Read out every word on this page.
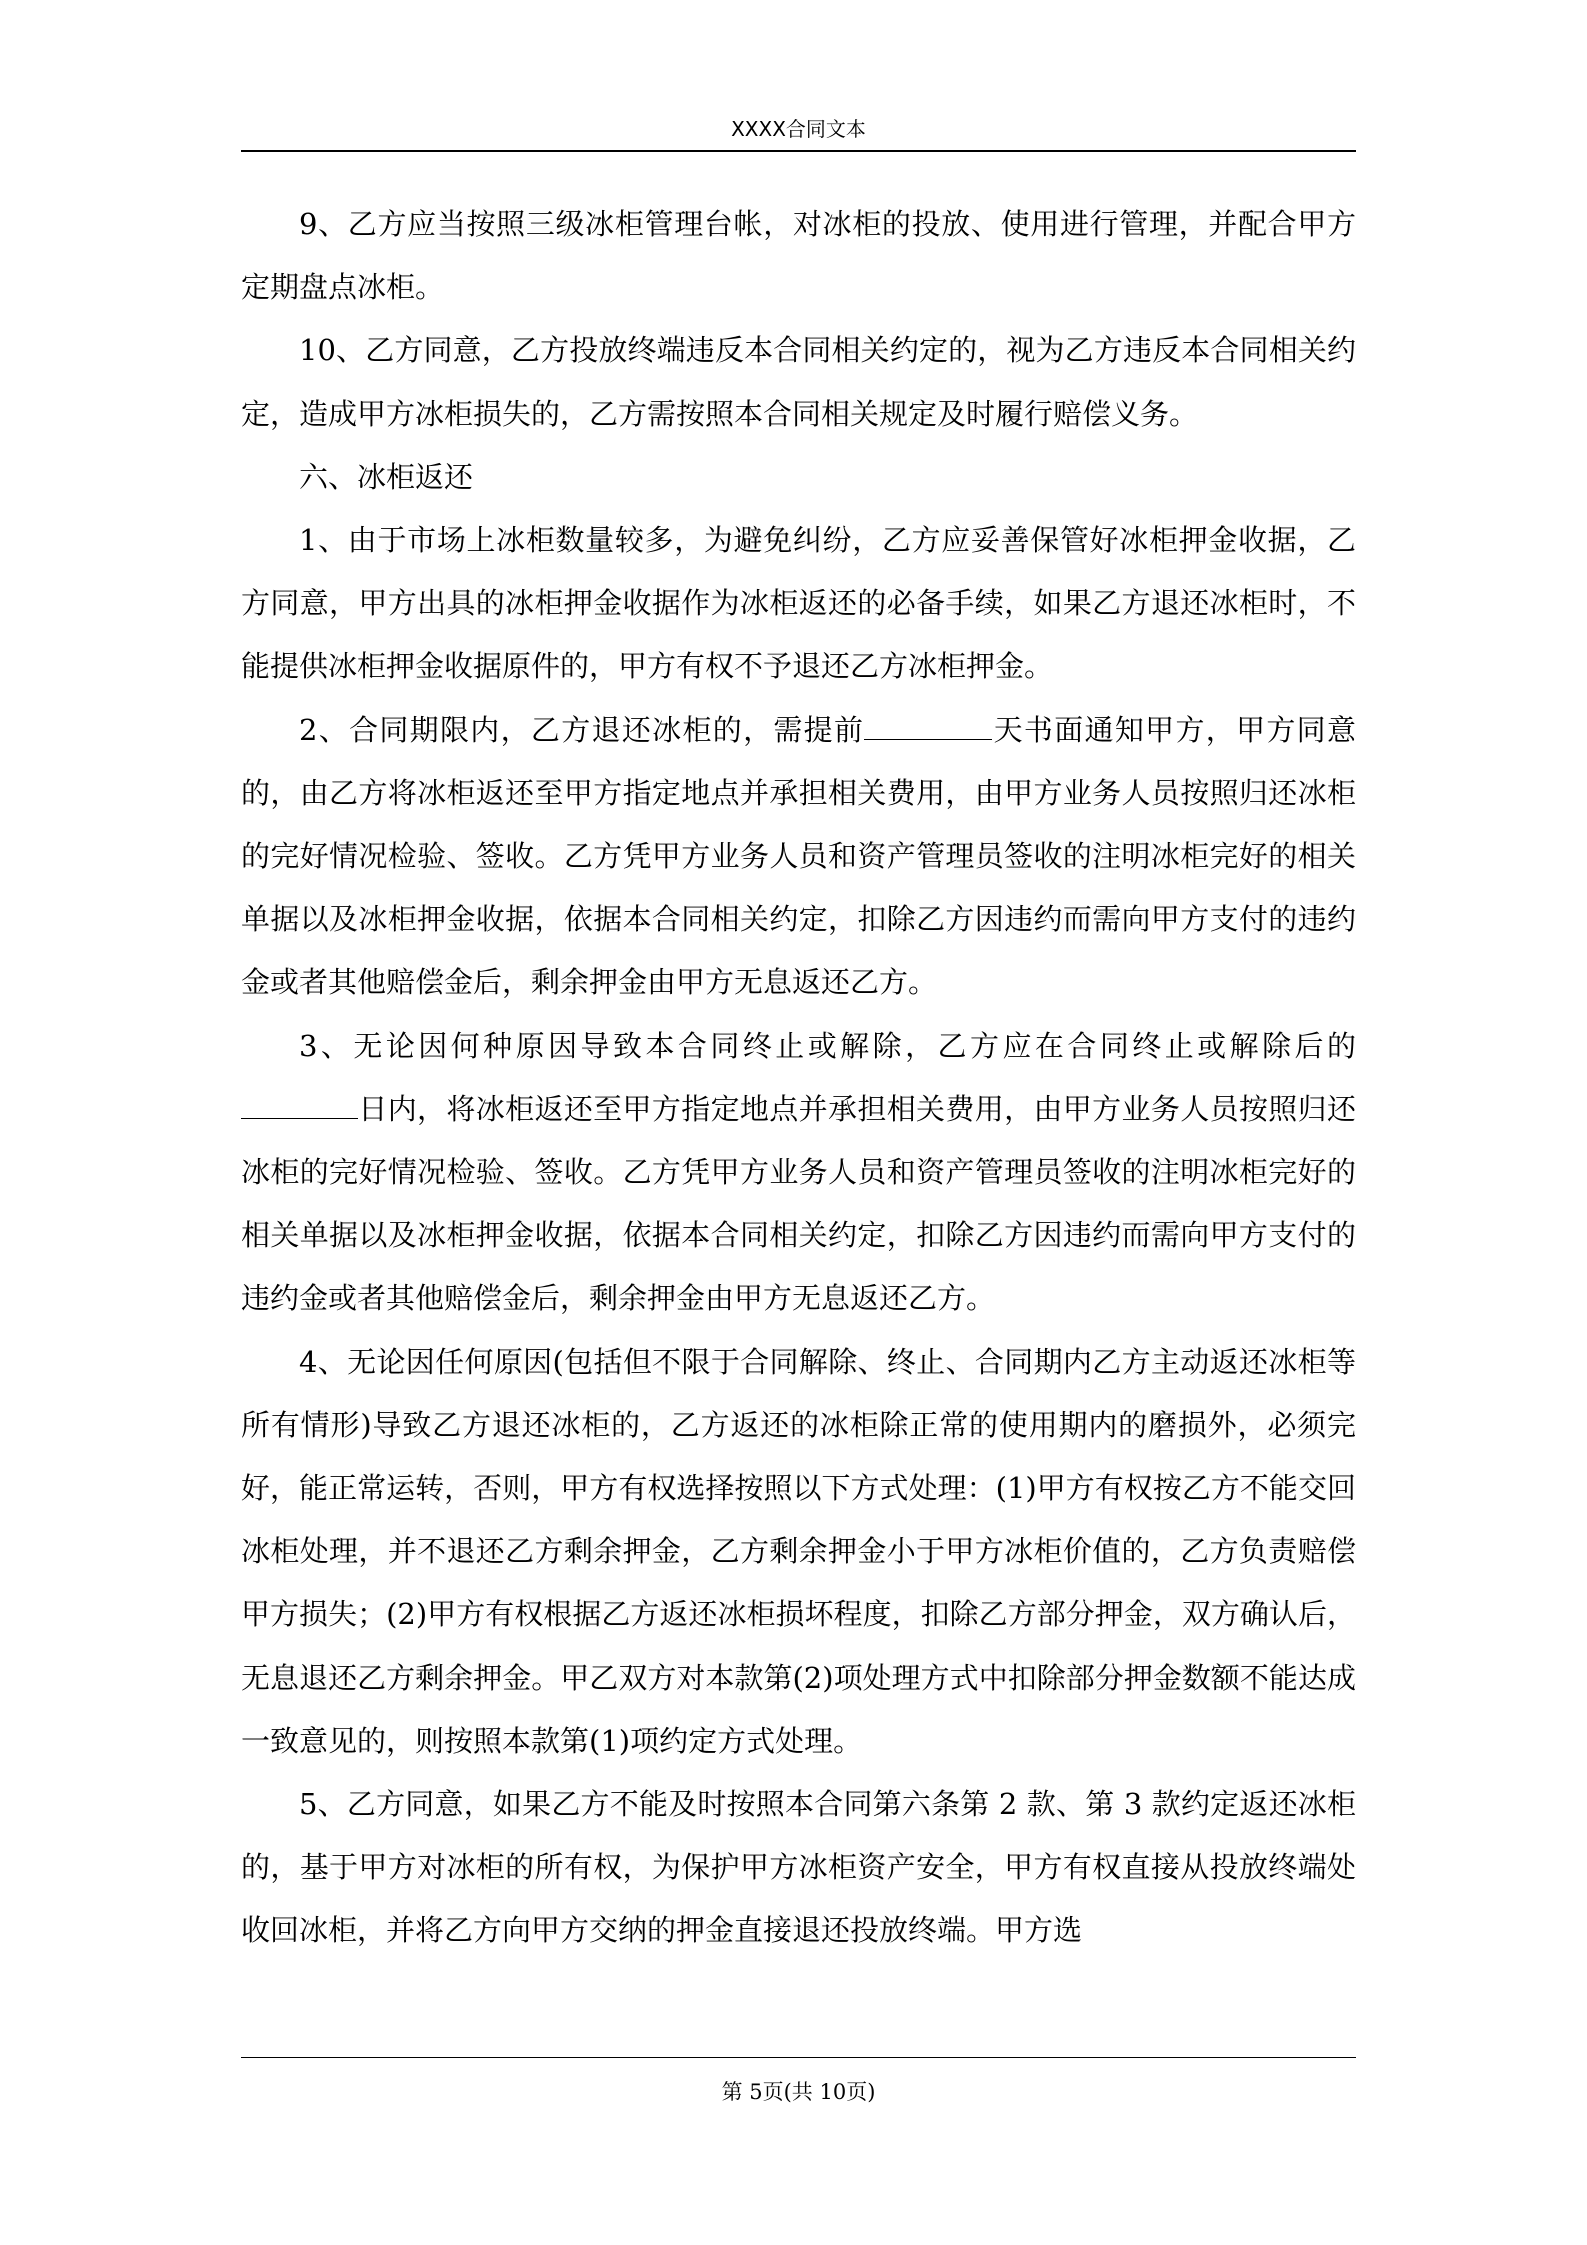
XXXX合同文本

9、乙方应当按照三级冰柜管理台帐，对冰柜的投放、使用进行管理，并配合甲方定期盘点冰柜。

10、乙方同意，乙方投放终端违反本合同相关约定的，视为乙方违反本合同相关约定，造成甲方冰柜损失的，乙方需按照本合同相关规定及时履行赔偿义务。

六、冰柜返还

1、由于市场上冰柜数量较多，为避免纠纷，乙方应妥善保管好冰柜押金收据，乙方同意，甲方出具的冰柜押金收据作为冰柜返还的必备手续，如果乙方退还冰柜时，不能提供冰柜押金收据原件的，甲方有权不予退还乙方冰柜押金。

2、合同期限内，乙方退还冰柜的，需提前	天书面通知甲方，甲方同意的，由乙方将冰柜返还至甲方指定地点并承担相关费用，由甲方业务人员按照归还冰柜的完好情况检验、签收。乙方凭甲方业务人员和资产管理员签收的注明冰柜完好的相关单据以及冰柜押金收据，依据本合同相关约定，扣除乙方因违约而需向甲方支付的违约金或者其他赔偿金后，剩余押金由甲方无息返还乙方。

3、无论因何种原因导致本合同终止或解除，乙方应在合同终止或解除后的日内，将冰柜返还至甲方指定地点并承担相关费用，由甲方业务人员按照归还冰柜的完好情况检验、签收。乙方凭甲方业务人员和资产管理员签收的注明冰柜完好的相关单据以及冰柜押金收据，依据本合同相关约定，扣除乙方因违约而需向甲方支付的违约金或者其他赔偿金后，剩余押金由甲方无息返还乙方。

4、无论因任何原因(包括但不限于合同解除、终止、合同期内乙方主动返还冰柜等所有情形)导致乙方退还冰柜的，乙方返还的冰柜除正常的使用期内的磨损外，必须完好，能正常运转，否则，甲方有权选择按照以下方式处理：(1)甲方有权按乙方不能交回冰柜处理，并不退还乙方剩余押金，乙方剩余押金小于甲方冰柜价值的，乙方负责赔偿甲方损失；(2)甲方有权根据乙方返还冰柜损坏程度，扣除乙方部分押金，双方确认后，无息退还乙方剩余押金。甲乙双方对本款第(2)项处理方式中扣除部分押金数额不能达成一致意见的，则按照本款第(1)项约定方式处理。

5、乙方同意，如果乙方不能及时按照本合同第六条第 2 款、第 3 款约定返还冰柜的，基于甲方对冰柜的所有权，为保护甲方冰柜资产安全，甲方有权直接从投放终端处收回冰柜，并将乙方向甲方交纳的押金直接退还投放终端。甲方选

第 5页(共 10页)
